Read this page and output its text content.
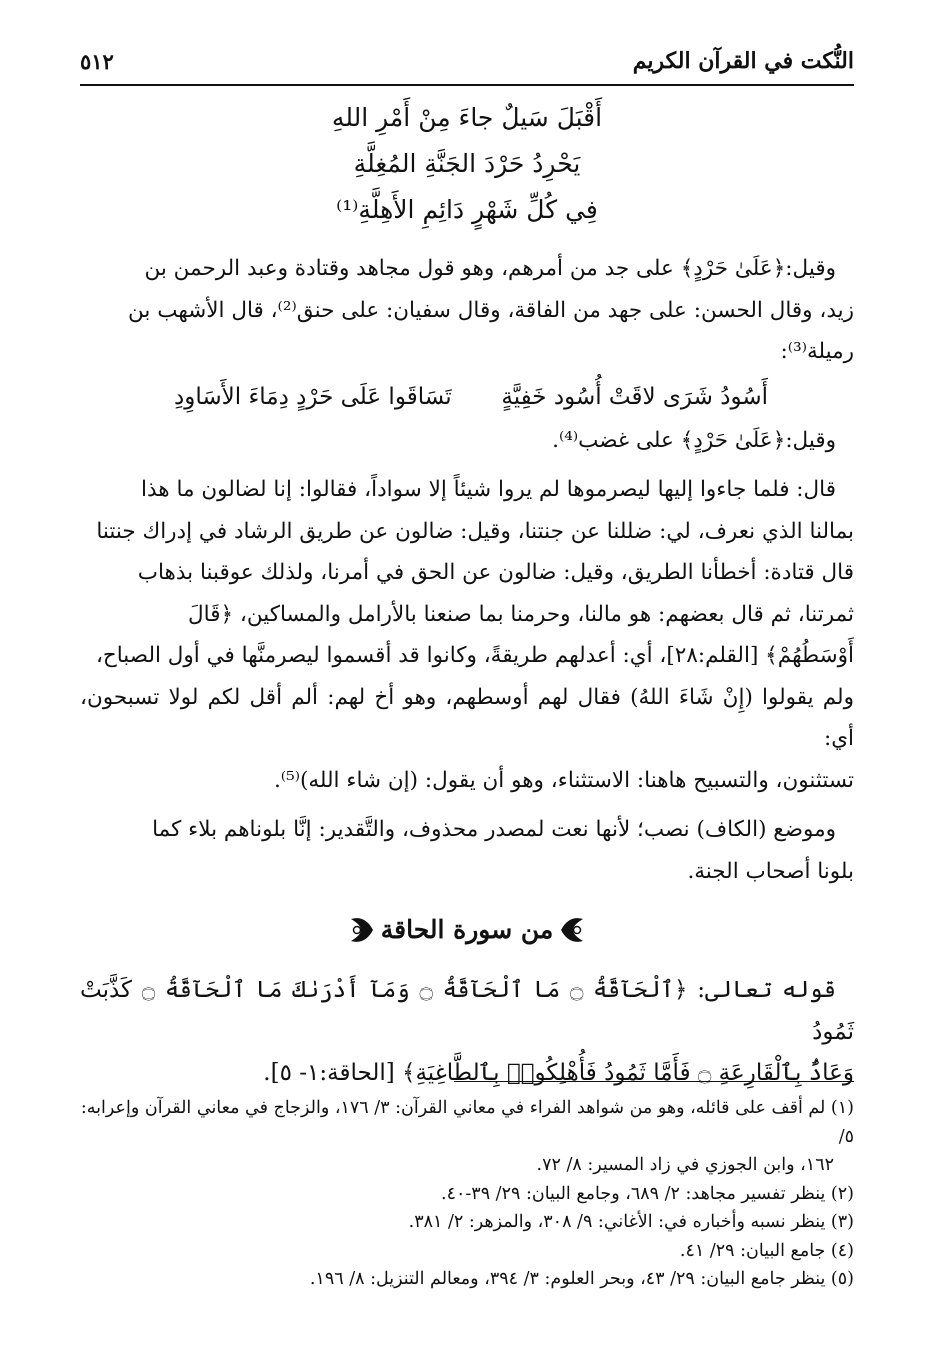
النُّكت في القرآن الكريم
٥١٢
أَقْبَلَ سَيلٌ جاءَ مِنْ أَمْرِ اللهِ
يَحْرِدُ حَرْدَ الجَنَّةِ المُغِلَّةِ
فِي كُلِّ شَهْرٍ دَائِمِ الأَهِلَّةِ⁽¹⁾

وقيل:﴿عَلَىٰ حَرْدٍ﴾ على جد من أمرهم، وهو قول مجاهد وقتادة وعبد الرحمن بن

زيد، وقال الحسن: على جهد من الفاقة، وقال سفيان: على حنق⁽²⁾، قال الأشهب بن

رميلة⁽³⁾:

أَسُودُ شَرَى لاقَتْ أُسُود خَفِيَّةٍ
تَسَاقَوا عَلَى حَرْدٍ دِمَاءَ الأَسَاوِدِ

وقيل:﴿عَلَىٰ حَرْدٍ﴾ على غضب⁽⁴⁾.

قال: فلما جاءوا إليها ليصرموها لم يروا شيئاً إلا سواداً، فقالوا: إنا لضالون ما هذا

بمالنا الذي نعرف، لي: ضللنا عن جنتنا، وقيل: ضالون عن طريق الرشاد في إدراك جنتنا

قال قتادة: أخطأنا الطريق، وقيل: ضالون عن الحق في أمرنا، ولذلك عوقبنا بذهاب

ثمرتنا، ثم قال بعضهم: هو مالنا، وحرمنا بما صنعنا بالأرامل والمساكين، ﴿قَالَ

أَوْسَطُهُمْ﴾ [القلم:٢٨]، أي: أعدلهم طريقةً، وكانوا قد أقسموا ليصرمنَّها في أول الصباح،

ولم يقولوا (إِنْ شَاءَ اللهُ) فقال لهم أوسطهم، وهو أخ لهم: ألم أقل لكم لولا تسبحون، أي:

تستثنون، والتسبيح هاهنا: الاستثناء، وهو أن يقول: (إن شاء الله)⁽⁵⁾.

وموضع (الكاف) نصب؛ لأنها نعت لمصدر محذوف، والتَّقدير: إنَّا بلوناهم بلاء كما

بلونا أصحاب الجنة.

من سورة الحاقة

قوله تعالى: ﴿ٱلْحَآقَّةُ ۝ مَا ٱلْحَآقَّةُ ۝ وَمَآ أَدْرَىٰكَ مَا ٱلْحَآقَّةُ ۝ كَذَّبَتْ ثَمُودُ

وَعَادٌۢ بِٱلْقَارِعَةِ ۝ فَأَمَّا ثَمُودُ فَأُهْلِكُوا۟ بِٱلطَّاغِيَةِ﴾ [الحاقة:١- ٥].

(١) لم أقف على قائله، وهو من شواهد الفراء في معاني القرآن: ٣/ ١٧٦، والزجاج في معاني القرآن وإعرابه: ٥/

١٦٢، وابن الجوزي في زاد المسير: ٨/ ٧٢.

(٢) ينظر تفسير مجاهد: ٢/ ٦٨٩، وجامع البيان: ٢٩/ ٣٩-٤٠.

(٣) ينظر نسبه وأخباره في: الأغاني: ٩/ ٣٠٨، والمزهر: ٢/ ٣٨١.

(٤) جامع البيان: ٢٩/ ٤١.

(٥) ينظر جامع البيان: ٢٩/ ٤٣، وبحر العلوم: ٣/ ٣٩٤، ومعالم التنزيل: ٨/ ١٩٦.
